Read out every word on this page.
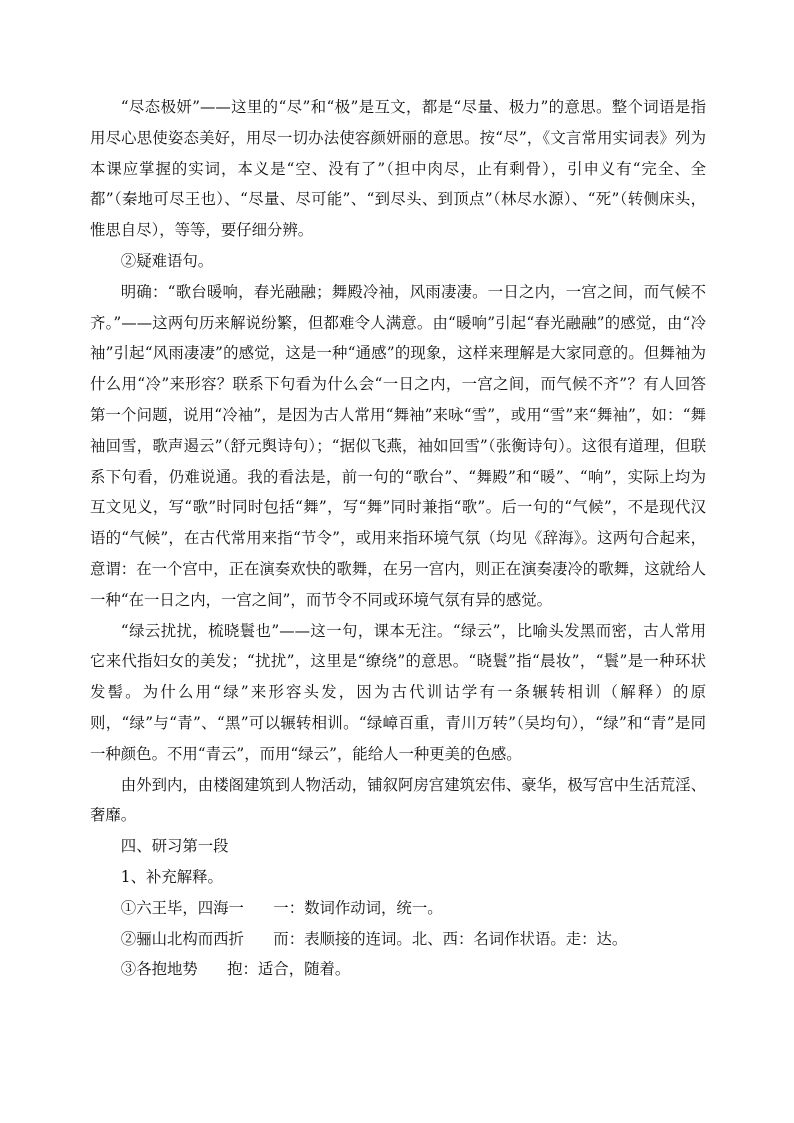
“尽态极妍”——这里的“尽”和“极”是互文，都是“尽量、极力”的意思。整个词语是指用尽心思使姿态美好，用尽一切办法使容颜妍丽的意思。按“尽”，《文言常用实词表》列为本课应掌握的实词，本义是“空、没有了”（担中肉尽，止有剩骨），引申义有“完全、全都”（秦地可尽王也）、“尽量、尽可能”、“到尽头、到顶点”（林尽水源）、“死”（转侧床头，惟思自尽），等等，要仔细分辨。

②疑难语句。

明确：“歌台暖响，春光融融；舞殿冷袖，风雨凄凄。一日之内，一宫之间，而气候不齐。”——这两句历来解说纷繁，但都难令人满意。由“暖响”引起“春光融融”的感觉，由“冷袖”引起“风雨凄凄”的感觉，这是一种“通感”的现象，这样来理解是大家同意的。但舞袖为什么用“冷”来形容？联系下句看为什么会“一日之内，一宫之间，而气候不齐”？有人回答第一个问题，说用“冷袖”，是因为古人常用“舞袖”来咏“雪”，或用“雪”来“舞袖”，如：“舞袖回雪，歌声遏云”（舒元舆诗句）；“据似飞燕，袖如回雪”（张衡诗句）。这很有道理，但联系下句看，仍难说通。我的看法是，前一句的“歌台”、“舞殿”和“暖”、“响”，实际上均为互文见义，写“歌”时同时包括“舞”，写“舞”同时兼指“歌”。后一句的“气候”，不是现代汉语的“气候”，在古代常用来指“节令”，或用来指环境气氛（均见《辞海》。这两句合起来，意谓：在一个宫中，正在演奏欢快的歌舞，在另一宫内，则正在演奏凄冷的歌舞，这就给人一种“在一日之内，一宫之间”，而节令不同或环境气氛有异的感觉。

“绿云扰扰，梳晓鬟也”——这一句，课本无注。“绿云”，比喻头发黑而密，古人常用它来代指妇女的美发；“扰扰”，这里是“缭绕”的意思。“晓鬟”指“晨妆”，“鬟”是一种环状发髻。为什么用“绿”来形容头发，因为古代训诂学有一条辗转相训（解释）的原则，“绿”与“青”、“黑”可以辗转相训。“绿嶂百重，青川万转”（吴均句），“绿”和“青”是同一种颜色。不用“青云”，而用“绿云”，能给人一种更美的色感。

由外到内，由楼阁建筑到人物活动，铺叙阿房宫建筑宏伟、豪华，极写宫中生活荒淫、奢靡。

四、研习第一段

1、补充解释。

①六王毕，四海一 一：数词作动词，统一。

②骊山北构而西折 而：表顺接的连词。北、西：名词作状语。走：达。

③各抱地势 抱：适合，随着。
